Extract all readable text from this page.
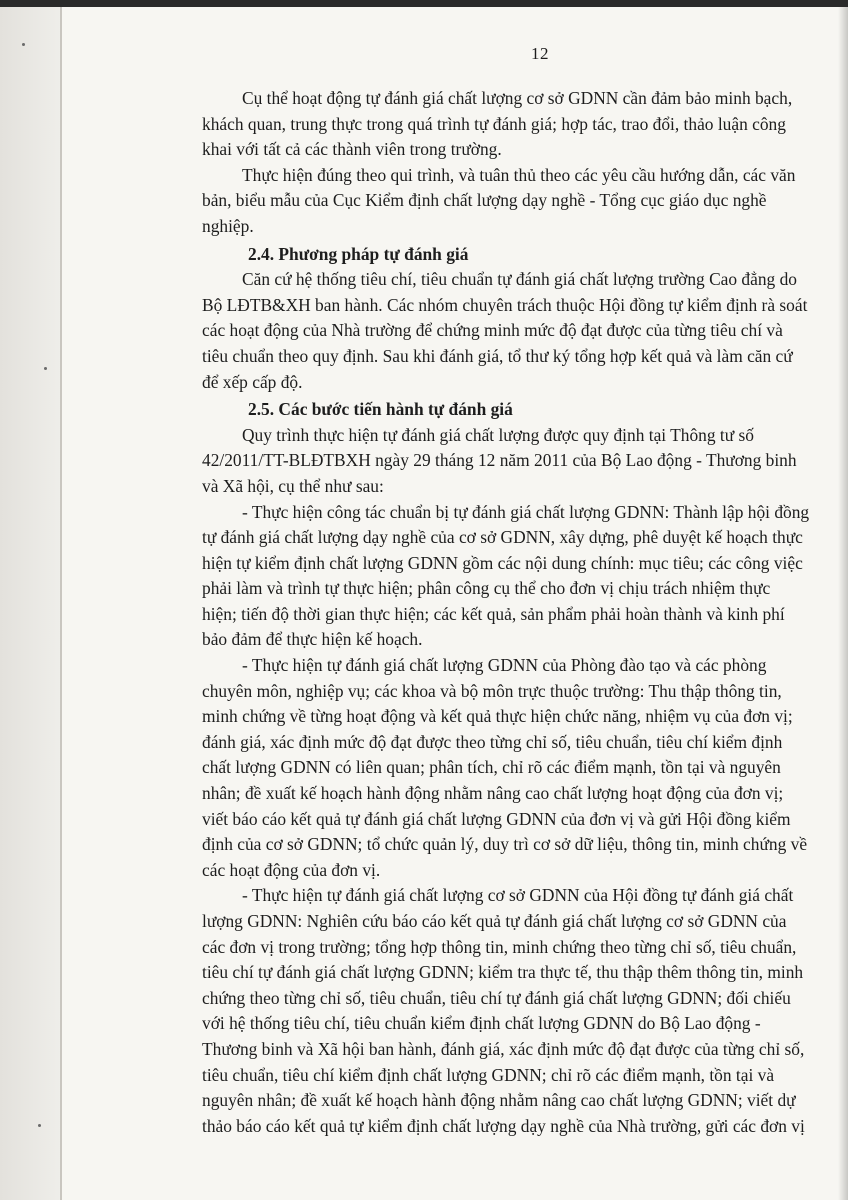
12
Cụ thể hoạt động tự đánh giá chất lượng cơ sở GDNN cần đảm bảo minh bạch,
khách quan, trung thực trong quá trình tự đánh giá; hợp tác, trao đổi, thảo luận công
khai với tất cả các thành viên trong trường.
Thực hiện đúng theo qui trình, và tuân thủ theo các yêu cầu hướng dẫn, các văn
bản, biểu mẫu của Cục Kiểm định chất lượng dạy nghề - Tổng cục giáo dục nghề
nghiệp.
2.4. Phương pháp tự đánh giá
Căn cứ hệ thống tiêu chí, tiêu chuẩn tự đánh giá chất lượng trường Cao đẳng do
Bộ LĐTB&XH ban hành. Các nhóm chuyên trách thuộc Hội đồng tự kiểm định rà soát
các hoạt động của Nhà trường để chứng minh mức độ đạt được của từng tiêu chí và
tiêu chuẩn theo quy định. Sau khi đánh giá, tổ thư ký tổng hợp kết quả và làm căn cứ
để xếp cấp độ.
2.5. Các bước tiến hành tự đánh giá
Quy trình thực hiện tự đánh giá chất lượng được quy định tại Thông tư số
42/2011/TT-BLĐTBXH ngày 29 tháng 12 năm 2011 của Bộ Lao động - Thương binh
và Xã hội, cụ thể như sau:
- Thực hiện công tác chuẩn bị tự đánh giá chất lượng GDNN: Thành lập hội đồng
tự đánh giá chất lượng dạy nghề của cơ sở GDNN, xây dựng, phê duyệt kế hoạch thực
hiện tự kiểm định chất lượng GDNN gồm các nội dung chính: mục tiêu; các công việc
phải làm và trình tự thực hiện; phân công cụ thể cho đơn vị chịu trách nhiệm thực
hiện; tiến độ thời gian thực hiện; các kết quả, sản phẩm phải hoàn thành và kinh phí
bảo đảm để thực hiện kế hoạch.
- Thực hiện tự đánh giá chất lượng GDNN của Phòng đào tạo và các phòng
chuyên môn, nghiệp vụ; các khoa và bộ môn trực thuộc trường: Thu thập thông tin,
minh chứng về từng hoạt động và kết quả thực hiện chức năng, nhiệm vụ của đơn vị;
đánh giá, xác định mức độ đạt được theo từng chỉ số, tiêu chuẩn, tiêu chí kiểm định
chất lượng GDNN có liên quan; phân tích, chỉ rõ các điểm mạnh, tồn tại và nguyên
nhân; đề xuất kế hoạch hành động nhằm nâng cao chất lượng hoạt động của đơn vị;
viết báo cáo kết quả tự đánh giá chất lượng GDNN của đơn vị và gửi Hội đồng kiểm
định của cơ sở GDNN; tổ chức quản lý, duy trì cơ sở dữ liệu, thông tin, minh chứng về
các hoạt động của đơn vị.
- Thực hiện tự đánh giá chất lượng cơ sở GDNN của Hội đồng tự đánh giá chất
lượng GDNN: Nghiên cứu báo cáo kết quả tự đánh giá chất lượng cơ sở GDNN của
các đơn vị trong trường; tổng hợp thông tin, minh chứng theo từng chỉ số, tiêu chuẩn,
tiêu chí tự đánh giá chất lượng GDNN; kiểm tra thực tế, thu thập thêm thông tin, minh
chứng theo từng chỉ số, tiêu chuẩn, tiêu chí tự đánh giá chất lượng GDNN; đối chiếu
với hệ thống tiêu chí, tiêu chuẩn kiểm định chất lượng GDNN do Bộ Lao động -
Thương binh và Xã hội ban hành, đánh giá, xác định mức độ đạt được của từng chỉ số,
tiêu chuẩn, tiêu chí kiểm định chất lượng GDNN; chỉ rõ các điểm mạnh, tồn tại và
nguyên nhân; đề xuất kế hoạch hành động nhằm nâng cao chất lượng GDNN; viết dự
thảo báo cáo kết quả tự kiểm định chất lượng dạy nghề của Nhà trường, gửi các đơn vị
